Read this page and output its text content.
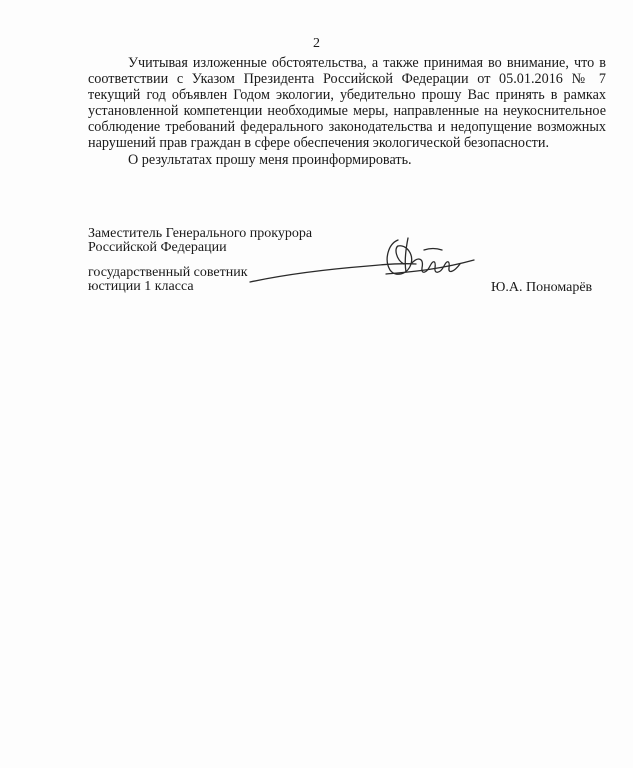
2

Учитывая изложенные обстоятельства, а также принимая во внимание, что в соответствии с Указом Президента Российской Федерации от 05.01.2016 № 7 текущий год объявлен Годом экологии, убедительно прошу Вас принять в рамках установленной компетенции необходимые меры, направленные на неукоснительное соблюдение требований федерального законодательства и недопущение возможных нарушений прав граждан в сфере обеспечения экологической безопасности.

О результатах прошу меня проинформировать.

Заместитель Генерального прокурора
Российской Федерации
государственный советник
юстиции 1 класса	Ю.А. Пономарёв
